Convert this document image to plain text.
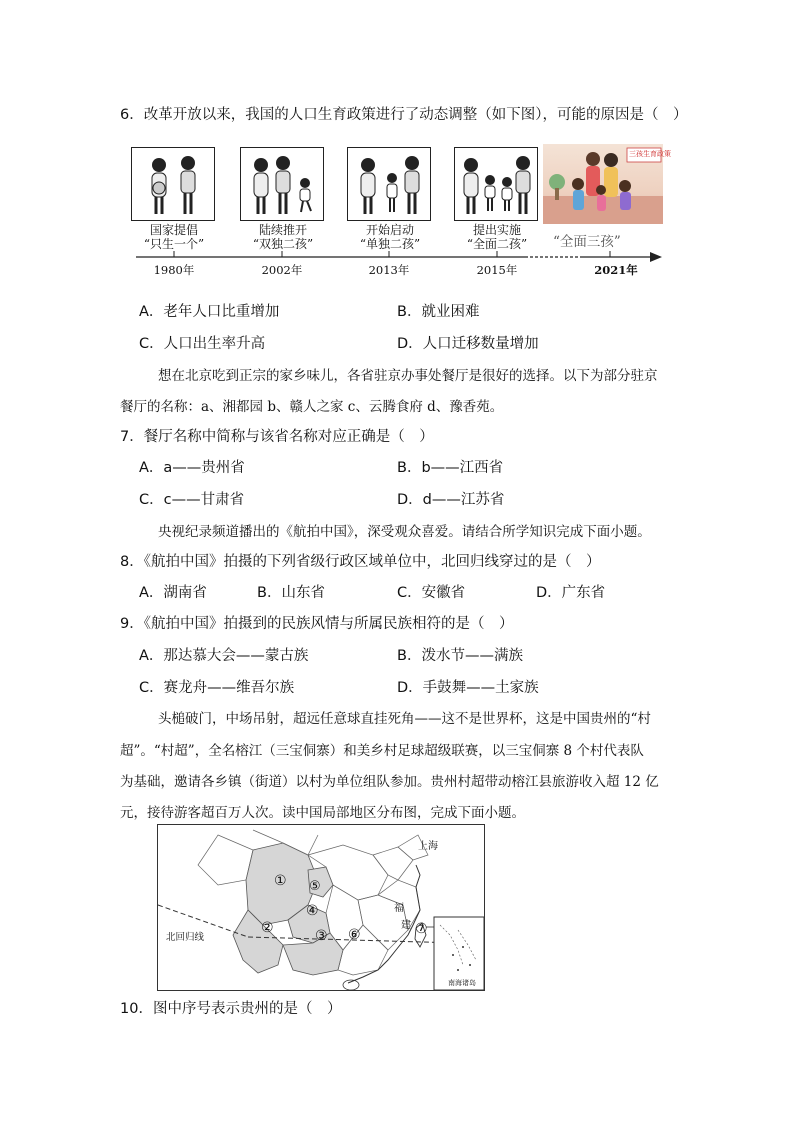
6．改革开放以来，我国的人口生育政策进行了动态调整（如下图），可能的原因是（　）
三孩生育政策
国家提倡
“只生一个”
陆续推开
“双独二孩”
开始启动
“单独二孩”
提出实施
“全面二孩”	“全面三孩”
1980年	2002年	2013年	2015年	2021年
A．老年人口比重增加	B．就业困难
C．人口出生率升高	D．人口迁移数量增加
想在北京吃到正宗的家乡味儿，各省驻京办事处餐厅是很好的选择。以下为部分驻京
餐厅的名称：a、湘都园 b、赣人之家 c、云腾食府 d、豫香苑。
7．餐厅名称中简称与该省名称对应正确是（　）
A．a——贵州省	B．b——江西省
C．c——甘肃省	D．d——江苏省
央视纪录频道播出的《航拍中国》，深受观众喜爱。请结合所学知识完成下面小题。
8．《航拍中国》拍摄的下列省级行政区域单位中，北回归线穿过的是（　）
A．湖南省	B．山东省	C．安徽省	D．广东省
9．《航拍中国》拍摄到的民族风情与所属民族相符的是（　）
A．那达慕大会——蒙古族	B．泼水节——满族
C．赛龙舟——维吾尔族	D．手鼓舞——土家族
头槌破门，中场吊射，超远任意球直挂死角——这不是世界杯，这是中国贵州的“村
超”。“村超”，全名榕江（三宝侗寨）和美乡村足球超级联赛，以三宝侗寨 8 个村代表队
为基础，邀请各乡镇（街道）以村为单位组队参加。贵州村超带动榕江县旅游收入超 12 亿
元，接待游客超百万人次。读中国局部地区分布图，完成下面小题。
①
②	③
④
⑤
⑥	⑦
上海
福
建
北回归线
南海诸岛
10．图中序号表示贵州的是（　）
